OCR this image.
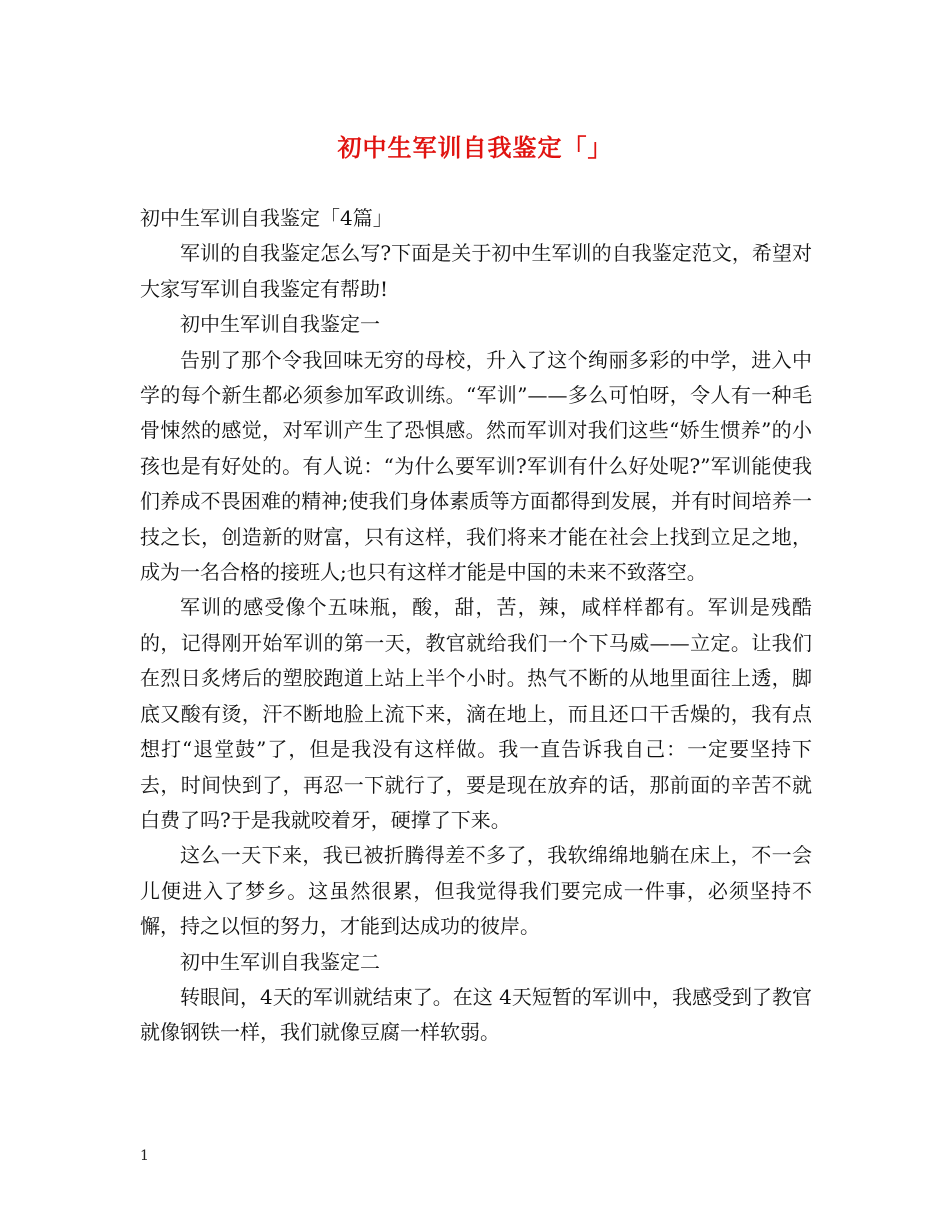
初中生军训自我鉴定「」

初中生军训自我鉴定「4篇」

军训的自我鉴定怎么写?下面是关于初中生军训的自我鉴定范文，希望对大家写军训自我鉴定有帮助!

初中生军训自我鉴定一

告别了那个令我回味无穷的母校，升入了这个绚丽多彩的中学，进入中学的每个新生都必须参加军政训练。“军训”——多么可怕呀，令人有一种毛骨悚然的感觉，对军训产生了恐惧感。然而军训对我们这些“娇生惯养”的小孩也是有好处的。有人说：“为什么要军训?军训有什么好处呢?”军训能使我们养成不畏困难的精神;使我们身体素质等方面都得到发展，并有时间培养一技之长，创造新的财富，只有这样，我们将来才能在社会上找到立足之地，成为一名合格的接班人;也只有这样才能是中国的未来不致落空。

军训的感受像个五味瓶，酸，甜，苦，辣，咸样样都有。军训是残酷的，记得刚开始军训的第一天，教官就给我们一个下马威——立定。让我们在烈日炙烤后的塑胶跑道上站上半个小时。热气不断的从地里面往上透，脚底又酸有烫，汗不断地脸上流下来，滴在地上，而且还口干舌燥的，我有点想打“退堂鼓”了，但是我没有这样做。我一直告诉我自己：一定要坚持下去，时间快到了，再忍一下就行了，要是现在放弃的话，那前面的辛苦不就白费了吗?于是我就咬着牙，硬撑了下来。

这么一天下来，我已被折腾得差不多了，我软绵绵地躺在床上，不一会儿便进入了梦乡。这虽然很累，但我觉得我们要完成一件事，必须坚持不懈，持之以恒的努力，才能到达成功的彼岸。

初中生军训自我鉴定二

转眼间，4天的军训就结束了。在这 4天短暂的军训中，我感受到了教官就像钢铁一样，我们就像豆腐一样软弱。

1
